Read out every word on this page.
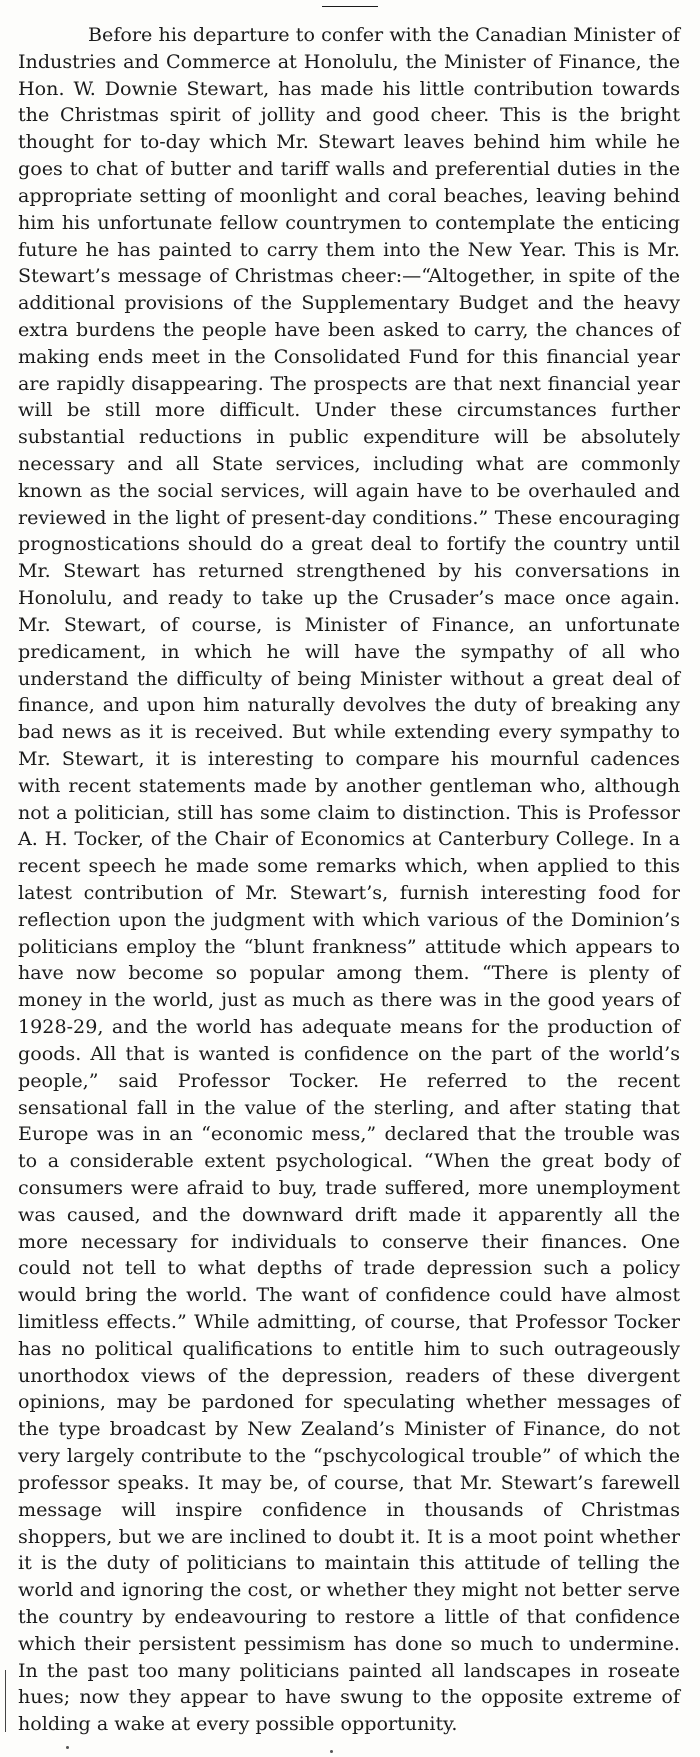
Before his departure to confer with the Canadian Minister of Industries and Commerce at Honolulu, the Minister of Finance, the Hon. W. Downie Stewart, has made his little contribution towards the Christmas spirit of jollity and good cheer. This is the bright thought for to-day which Mr. Stewart leaves behind him while he goes to chat of butter and tariff walls and preferential duties in the appropriate setting of moonlight and coral beaches, leaving behind him his unfortunate fellow countrymen to contemplate the enticing future he has painted to carry them into the New Year. This is Mr. Stewart’s message of Christmas cheer:—“Altogether, in spite of the additional provisions of the Supplementary Budget and the heavy extra burdens the people have been asked to carry, the chances of making ends meet in the Consolidated Fund for this financial year are rapidly disappearing. The prospects are that next financial year will be still more difficult. Under these circumstances further substantial reductions in public expenditure will be absolutely necessary and all State services, including what are commonly known as the social services, will again have to be overhauled and reviewed in the light of present-day conditions.” These encouraging prognostications should do a great deal to fortify the country until Mr. Stewart has returned strengthened by his conversations in Honolulu, and ready to take up the Crusader’s mace once again. Mr. Stewart, of course, is Minister of Finance, an unfortunate predicament, in which he will have the sympathy of all who understand the difficulty of being Minister without a great deal of finance, and upon him naturally devolves the duty of breaking any bad news as it is received. But while extending every sympathy to Mr. Stewart, it is interesting to compare his mournful cadences with recent statements made by another gentleman who, although not a politician, still has some claim to distinction. This is Professor A. H. Tocker, of the Chair of Economics at Canterbury College. In a recent speech he made some remarks which, when applied to this latest contribution of Mr. Stewart’s, furnish interesting food for reflection upon the judgment with which various of the Dominion’s politicians employ the “blunt frankness” attitude which appears to have now become so popular among them. “There is plenty of money in the world, just as much as there was in the good years of 1928-29, and the world has adequate means for the production of goods. All that is wanted is confidence on the part of the world’s people,” said Professor Tocker. He referred to the recent sensational fall in the value of the sterling, and after stating that Europe was in an “economic mess,” declared that the trouble was to a considerable extent psychological. “When the great body of consumers were afraid to buy, trade suffered, more unemployment was caused, and the downward drift made it apparently all the more necessary for individuals to conserve their finances. One could not tell to what depths of trade depression such a policy would bring the world. The want of confidence could have almost limitless effects.” While admitting, of course, that Professor Tocker has no political qualifications to entitle him to such outrageously unorthodox views of the depression, readers of these divergent opinions, may be pardoned for speculating whether messages of the type broadcast by New Zealand’s Minister of Finance, do not very largely contribute to the “pschycological trouble” of which the professor speaks. It may be, of course, that Mr. Stewart’s farewell message will inspire confidence in thousands of Christmas shoppers, but we are inclined to doubt it. It is a moot point whether it is the duty of politicians to maintain this attitude of telling the world and ignoring the cost, or whether they might not better serve the country by endeavouring to restore a little of that confidence which their persistent pessimism has done so much to undermine. In the past too many politicians painted all landscapes in roseate hues; now they appear to have swung to the opposite extreme of holding a wake at every possible opportunity.
